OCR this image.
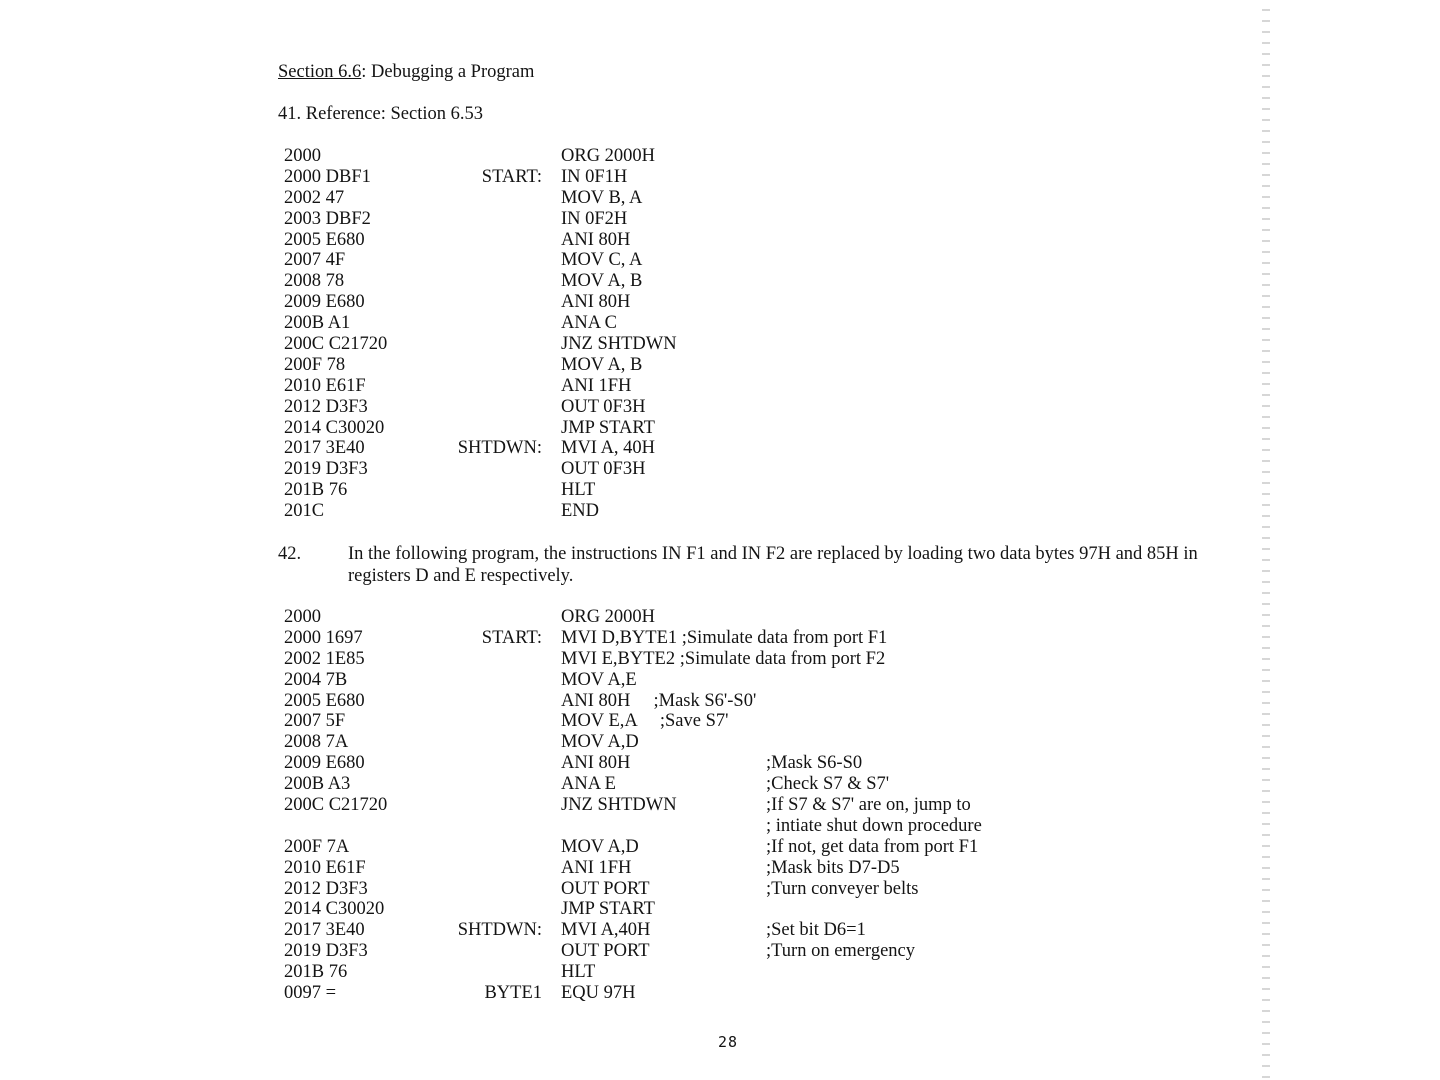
Section 6.6: Debugging a Program
41. Reference: Section 6.53
2000	ORG 2000H
2000 DBF1	START: IN 0F1H
2002 47	MOV B, A
2003 DBF2	IN 0F2H
2005 E680	ANI 80H
2007 4F	MOV C, A
2008 78	MOV A, B
2009 E680	ANI 80H
200B A1	ANA C
200C C21720	JNZ SHTDWN
200F 78	MOV A, B
2010 E61F	ANI 1FH
2012 D3F3	OUT 0F3H
2014 C30020	JMP START
2017 3E40	SHTDWN: MVI A, 40H
2019 D3F3	OUT 0F3H
201B 76	HLT
201C	END
42.	In the following program, the instructions IN F1 and IN F2 are replaced by loading two data bytes 97H and 85H in registers D and E respectively.
2000	ORG 2000H
2000 1697	START: MVI D,BYTE1 ;Simulate data from port F1
2002 1E85	MVI E,BYTE2 ;Simulate data from port F2
2004 7B	MOV A,E
2005 E680	ANI 80H     ;Mask S6'-S0'
2007 5F	MOV E,A     ;Save S7'
2008 7A	MOV A,D
2009 E680	ANI 80H	;Mask S6-S0
200B A3	ANA E	;Check S7 & S7'
200C C21720	JNZ SHTDWN	;If S7 & S7' are on, jump to
; intiate shut down procedure
200F 7A	MOV A,D	;If not, get data from port F1
2010 E61F	ANI 1FH	;Mask bits D7-D5
2012 D3F3	OUT PORT	;Turn conveyer belts
2014 C30020	JMP START
2017 3E40	SHTDWN: MVI A,40H	;Set bit D6=1
2019 D3F3	OUT PORT	;Turn on emergency
201B 76	HLT
0097 =	BYTE1 EQU 97H
28
